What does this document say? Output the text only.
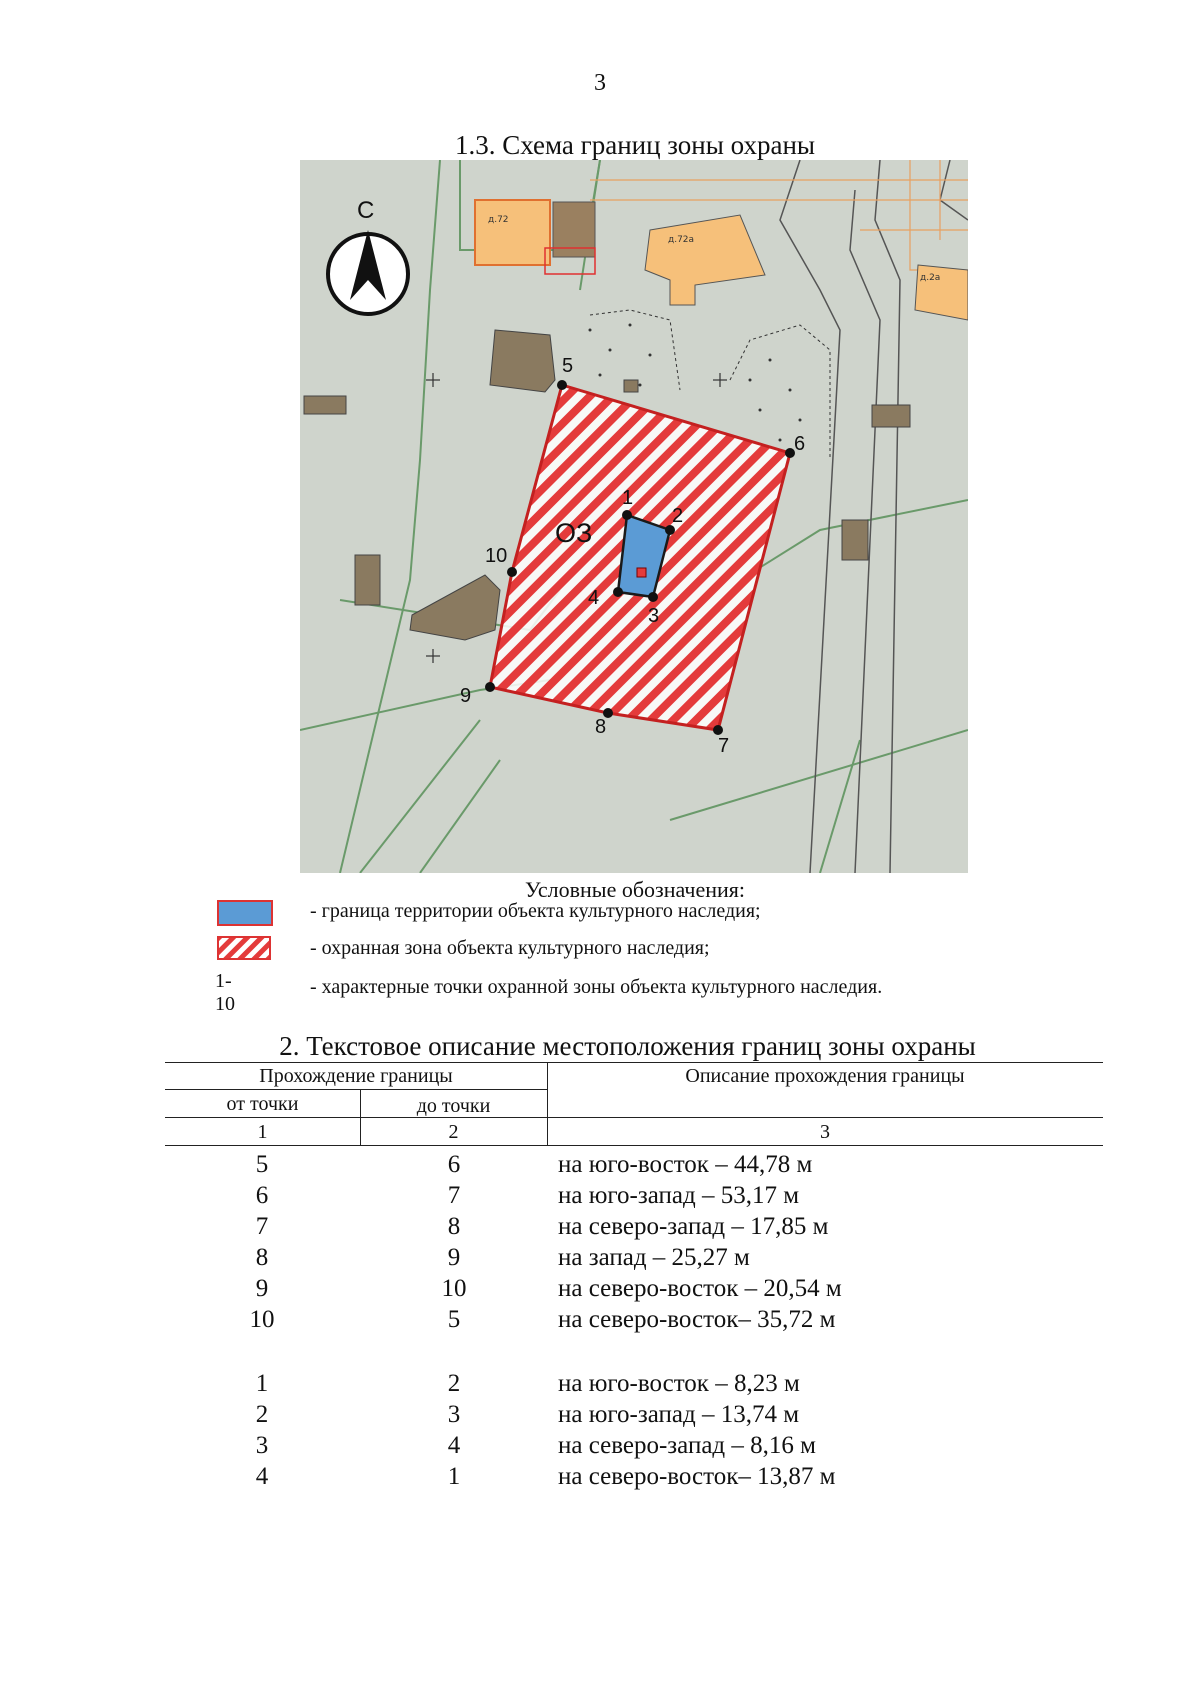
3
1.3. Схема границ зоны охраны
д.72
д.72а
д.2а
ОЗ
1
2
3
4
5
6
7
8
9
10
С
Условные обозначения:
- граница территории объекта культурного наследия;
- охранная зона объекта культурного наследия;
1-10
- характерные точки охранной зоны объекта культурного наследия.
2. Текстовое описание местоположения границ зоны охраны
Прохождение границы	Описание прохождения границы
от точки	до точки
1	2	3
5	6	на юго-восток – 44,78 м
6	7	на юго-запад – 53,17 м
7	8	на северо-запад – 17,85 м
8	9	на запад – 25,27 м
9	10	на северо-восток – 20,54 м
10	5	на северо-восток– 35,72 м
1	2	на юго-восток – 8,23 м
2	3	на юго-запад – 13,74 м
3	4	на северо-запад – 8,16 м
4	1	на северо-восток– 13,87 м
